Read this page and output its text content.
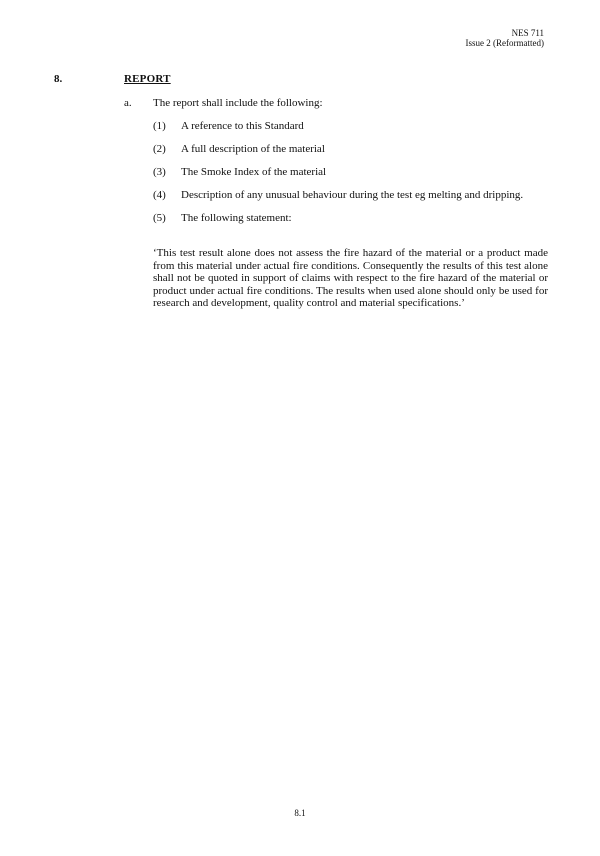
NES 711
Issue 2 (Reformatted)
8.	REPORT
a. The report shall include the following:
(1)	A reference to this Standard
(2)	A full description of the material
(3)	The Smoke Index of the material
(4)	Description of any unusual behaviour during the test eg melting and dripping.
(5)	The following statement:
‘This test result alone does not assess the fire hazard of the material or a product made from this material under actual fire conditions. Consequently the results of this test alone shall not be quoted in support of claims with respect to the fire hazard of the material or product under actual fire conditions. The results when used alone should only be used for research and development, quality control and material specifications.’
8.1
